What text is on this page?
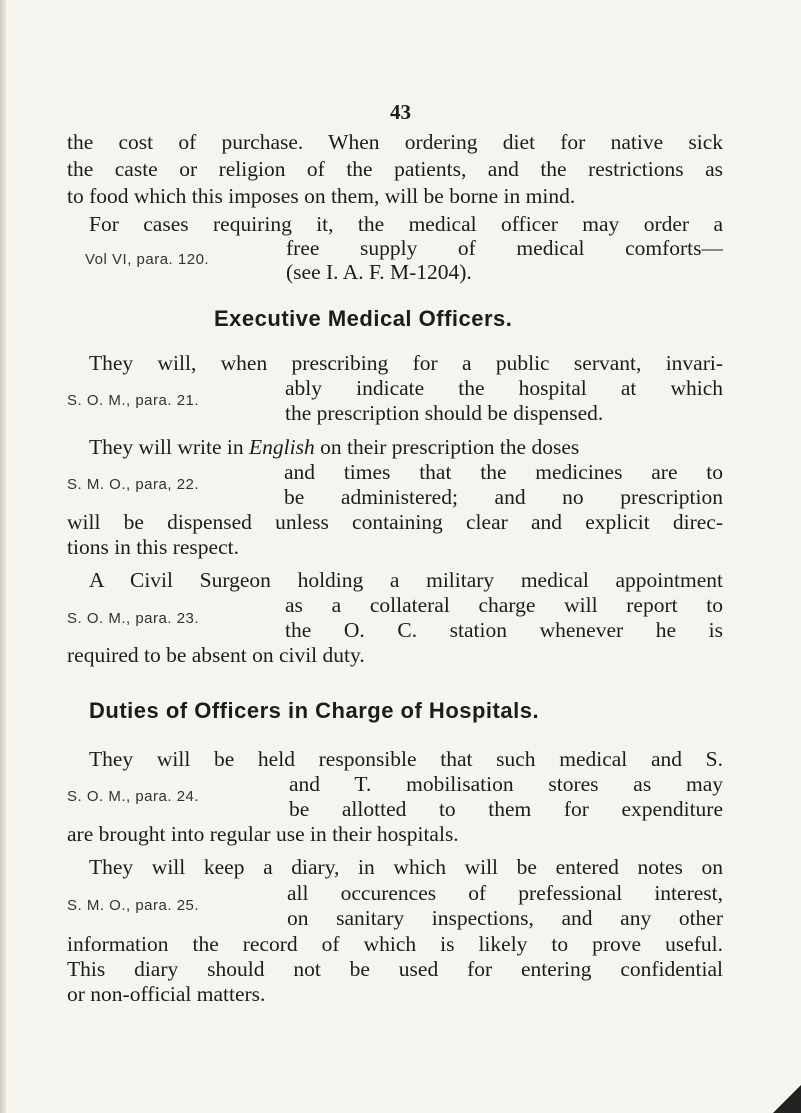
43
the cost of purchase. When ordering diet for native sick
the caste or religion of the patients, and the restrictions as
to food which this imposes on them, will be borne in mind.
For cases requiring it, the medical officer may order a
Vol VI, para. 120.	free supply of medical comforts—
(see I. A. F. M-1204).
Executive Medical Officers.
They will, when prescribing for a public servant, invari-
S. O. M., para. 21.
ably indicate the hospital at which
the prescription should be dispensed.
They will write in English on their prescription the doses
S. M. O., para, 22.
and times that the medicines are to
be administered; and no prescription
will be dispensed unless containing clear and explicit direc-
tions in this respect.
A Civil Surgeon holding a military medical appointment
S. O. M., para. 23.
as a collateral charge will report to
the O. C. station whenever he is
required to be absent on civil duty.
Duties of Officers in Charge of Hospitals.
They will be held responsible that such medical and S.
S. O. M., para. 24.
and T. mobilisation stores as may
be allotted to them for expenditure
are brought into regular use in their hospitals.
They will keep a diary, in which will be entered notes on
S. M. O., para. 25.
all occurences of prefessional interest,
on sanitary inspections, and any other
information the record of which is likely to prove useful.
This diary should not be used for entering confidential
or non-official matters.
